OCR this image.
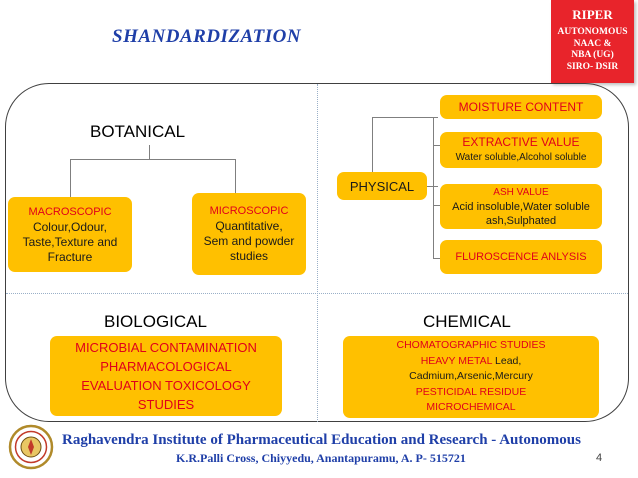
SHANDARDIZATION
RIPER
AUTONOMOUS
NAAC &
NBA (UG)
SIRO- DSIR
BOTANICAL
MACROSCOPIC
Colour,Odour,
Taste,Texture and
Fracture
MICROSCOPIC
Quantitative,
Sem and powder
studies
PHYSICAL
MOISTURE CONTENT
EXTRACTIVE VALUE
Water soluble,Alcohol soluble
ASH VALUE
Acid insoluble,Water soluble
ash,Sulphated
FLUROSCENCE ANLYSIS
BIOLOGICAL
MICROBIAL CONTAMINATION
PHARMACOLOGICAL
EVALUATION TOXICOLOGY
STUDIES
CHEMICAL
CHOMATOGRAPHIC STUDIES
HEAVY METAL Lead,
Cadmium,Arsenic,Mercury
PESTICIDAL RESIDUE
MICROCHEMICAL
Raghavendra Institute of Pharmaceutical Education and Research - Autonomous
K.R.Palli Cross, Chiyyedu, Anantapuramu, A. P- 515721	4
